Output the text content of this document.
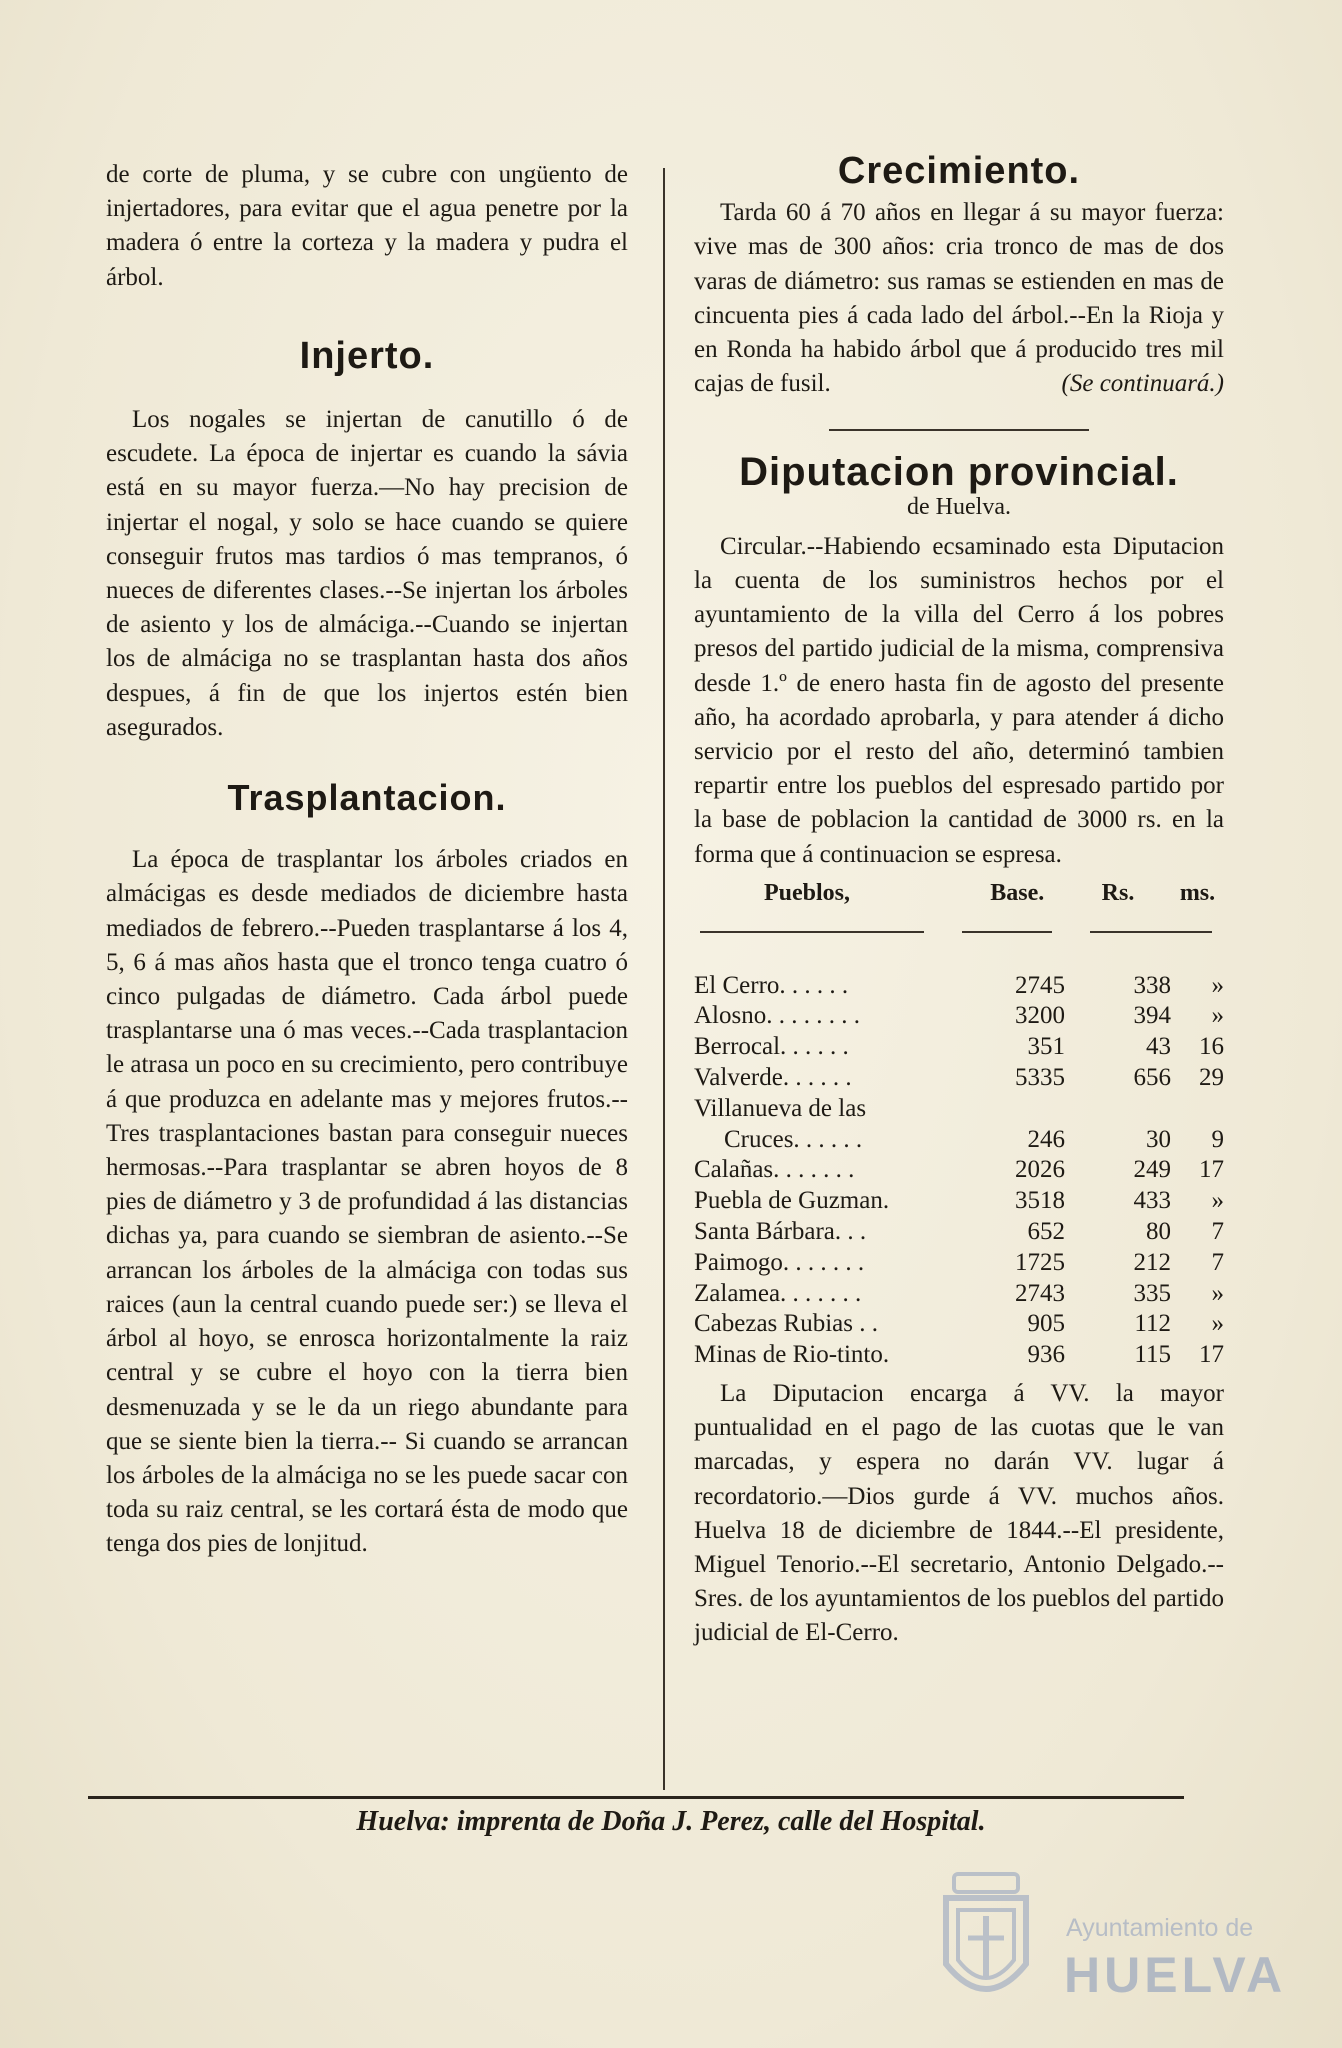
de corte de pluma, y se cubre con ungüento de injertadores, para evitar que el agua penetre por la madera ó entre la corteza y la madera y pudra el árbol.

Injerto.

Los nogales se injertan de canutillo ó de escudete. La época de injertar es cuando la sávia está en su mayor fuerza.—No hay precision de injertar el nogal, y solo se hace cuando se quiere conseguir frutos mas tardios ó mas tempranos, ó nueces de diferentes clases.--Se injertan los árboles de asiento y los de almáciga.--Cuando se injertan los de almáciga no se trasplantan hasta dos años despues, á fin de que los injertos estén bien asegurados.

Trasplantacion.

La época de trasplantar los árboles criados en almácigas es desde mediados de diciembre hasta mediados de febrero.--Pueden trasplantarse á los 4, 5, 6 á mas años hasta que el tronco tenga cuatro ó cinco pulgadas de diámetro. Cada árbol puede trasplantarse una ó mas veces.--Cada trasplantacion le atrasa un poco en su crecimiento, pero contribuye á que produzca en adelante mas y mejores frutos.--Tres trasplantaciones bastan para conseguir nueces hermosas.--Para trasplantar se abren hoyos de 8 pies de diámetro y 3 de profundidad á las distancias dichas ya, para cuando se siembran de asiento.--Se arrancan los árboles de la almáciga con todas sus raices (aun la central cuando puede ser:) se lleva el árbol al hoyo, se enrosca horizontalmente la raiz central y se cubre el hoyo con la tierra bien desmenuzada y se le da un riego abundante para que se siente bien la tierra.-- Si cuando se arrancan los árboles de la almáciga no se les puede sacar con toda su raiz central, se les cortará ésta de modo que tenga dos pies de lonjitud.

Crecimiento.

Tarda 60 á 70 años en llegar á su mayor fuerza: vive mas de 300 años: cria tronco de mas de dos varas de diámetro: sus ramas se estienden en mas de cincuenta pies á cada lado del árbol.--En la Rioja y en Ronda ha habido árbol que á producido tres mil cajas de fusil.	(Se continuará.)

Diputacion provincial.
de Huelva.

Circular.--Habiendo ecsaminado esta Diputacion la cuenta de los suministros hechos por el ayuntamiento de la villa del Cerro á los pobres presos del partido judicial de la misma, comprensiva desde 1.º de enero hasta fin de agosto del presente año, ha acordado aprobarla, y para atender á dicho servicio por el resto del año, determinó tambien repartir entre los pueblos del espresado partido por la base de poblacion la cantidad de 3000 rs. en la forma que á continuacion se espresa.

Pueblos,	Base.	Rs.	ms.
El Cerro. . . . . .	2745	338	»
Alosno. . . . . . . .	3200	394	»
Berrocal. . . . . .	351	43	16
Valverde. . . . . .	5335	656	29
Villanueva de las			
Cruces. . . . . .	246	30	9
Calañas. . . . . . .	2026	249	17
Puebla de Guzman.	3518	433	»
Santa Bárbara. . .	652	80	7
Paimogo. . . . . . .	1725	212	7
Zalamea. . . . . . .	2743	335	»
Cabezas Rubias . .	905	112	»
Minas de Rio-tinto.	936	115	17

La Diputacion encarga á VV. la mayor puntualidad en el pago de las cuotas que le van marcadas, y espera no darán VV. lugar á recordatorio.—Dios gurde á VV. muchos años. Huelva 18 de diciembre de 1844.--El presidente, Miguel Tenorio.--El secretario, Antonio Delgado.--Sres. de los ayuntamientos de los pueblos del partido judicial de El-Cerro.

Huelva: imprenta de Doña J. Perez, calle del Hospital.
Ayuntamiento de
HUELVA
